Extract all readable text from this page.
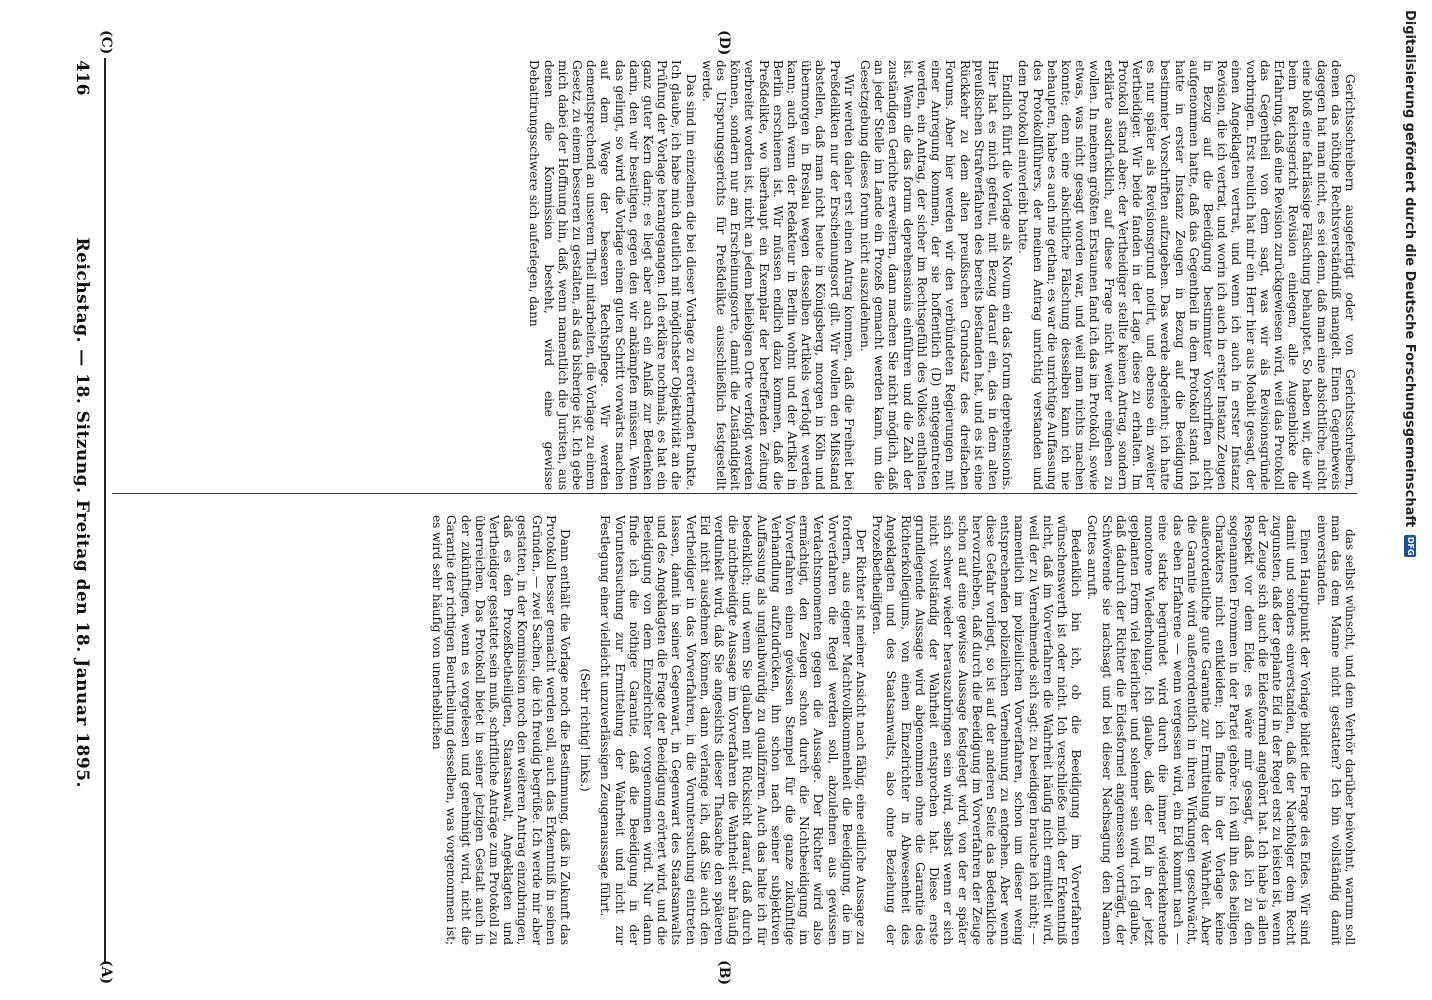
416
Reichstag. — 18. Sitzung. Freitag den 18. Januar 1895.
(A)	(B)
(C)	(D)

das selbst wünscht, und dem Verhör darüber beiwohnt, warum soll man das dem Manne nicht gestatten? Ich bin vollständig damit einverstanden.

Einen Hauptpunkt der Vorlage bildet die Frage des Eides. Wir sind damit und sonders einverstanden, daß der Nachfolger dem Recht zugunsten, daß der geplante Eid in der Regel erst zu leisten ist, wenn der Zeuge sich auch die Eidesformel angehört hat. Ich habe ja allen Respekt vor dem Eide; es wäre mir gesagt, daß ich zu den sogenannten Frommen in der Partei gehöre. Ich will ihn des heiligen Charakters nicht entkleiden; ich finde in der Vorlage keine außerordentliche gute Garantie zur Ermittelung der Wahrheit. Aber die Garantie wird außerordentlich in ihren Wirkungen geschwächt, das eben Erfahrene — wenn vergessen wird, ein Eid kommt nach — eine starke begründet wird durch die immer wiederkehrende monotone Wiederholung. Ich glaube, daß der Eid in der jetzt geplanten Form viel feierlicher und solenner sein wird. Ich glaube, daß dadurch der Richter die Eidesformel angemessen vorträgt, der Schwörende sie nachsagt und bei dieser Nachsagung den Namen Gottes anruft.

Bedenklich bin ich, ob die Beeidigung im Vorverfahren wünschenswerth ist oder nicht. Ich verschließe mich der Erkenntniß nicht, daß im Vorverfahren die Wahrheit häufig nicht ermittelt wird, weil der zu Vernehmende sich sagt: zu beeidigen brauche ich nicht; — namentlich im polizeilichen Vorverfahren, schon um dieser wenig entsprechenden polizeilichen Vernehmung zu entgehen. Aber wenn diese Gefahr vorliegt, so ist auf der anderen Seite das Bedenkliche hervorzuheben, daß durch die Beeidigung im Vorverfahren der Zeuge schon auf eine gewisse Aussage festgelegt wird, von der er später sich schwer wieder herauszubringen sein wird, selbst wenn er sich nicht vollständig der Wahrheit entsprochen hat. Diese erste grundlegende Aussage wird abgenommen ohne die Garantie des Richterkollegiums, von einem Einzelrichter in Abwesenheit des Angeklagten und des Staatsanwalts, also ohne Beziehung der Prozeßbetheiligten.

Der Richter ist meiner Ansicht nach fähig, eine eidliche Aussage zu fordern, aus eigener Machtvollkommenheit die Beeidigung, die im Vorverfahren die Regel werden soll, abzulehnen aus gewissen Verdachtsmomenten gegen die Aussage. Der Richter wird also ermächtigt, den Zeugen schon durch die Nichtbeeidigung im Vorverfahren einen gewissen Stempel für die ganze zukünftige Verhandlung aufzudrücken, ihn schon nach seiner subjektiven Auffassung als unglaubwürdig zu qualifiziren. Auch das halte ich für bedenklich; und wenn Sie glauben mit Rücksicht darauf, daß durch die nichtbeeidigte Aussage im Vorverfahren die Wahrheit sehr häufig verdunkelt wird, daß Sie angesichts dieser Thatsache den späteren Eid nicht ausdehnen können, dann verlange ich, daß Sie auch den Vertheidiger in das Vorverfahren, in die Voruntersuchung eintreten lassen, damit in seiner Gegenwart, in Gegenwart des Staatsanwalts und des Angeklagten die Frage der Beeidigung erörtert wird, und die Beeidigung von dem Einzelrichter vorgenommen wird. Nur dann finde ich die nöthige Garantie, daß die Beeidigung in der Voruntersuchung zur Ermittelung der Wahrheit und nicht zur Festlegung einer vielleicht unzuverlässigen Zeugenaussage führt.

(Sehr richtig! links.)

Dann enthält die Vorlage noch die Bestimmung, daß in Zukunft das Protokoll besser gemacht werden soll, auch das Erkenntniß in seinen Gründen, — zwei Sachen, die ich freudig begrüße. Ich werde mir aber gestatten, in der Kommission noch den weiteren Antrag einzubringen, daß es den Prozeßbetheiligten, Staatsanwalt, Angeklagten und Vertheidiger gestattet sein muß, schriftliche Anträge zum Protokoll zu überreichen. Das Protokoll bietet in seiner jetzigen Gestalt auch in der zukünftigen, wenn es vorgelesen und genehmigt wird, nicht die Garantie der richtigen Beurtheilung desselben, was vorgenommen ist; es wird sehr häufig von unerheblichen

Gerichtsschreibern ausgefertigt oder von Gerichtsschreibern, denen das nöthige Rechtsverständniß mangelt. Einen Gegenbeweis dagegen hat man nicht, es sei denn, daß man eine absichtliche, nicht eine bloß eine fahrlässige Fälschung behauptet. So haben wir, die wir beim Reichsgericht Revision einlegen, alle Augenblicke die Erfahrung, daß eine Revision zurückgewiesen wird, weil das Protokoll das Gegentheil von dem sagt, was wir als Revisionsgründe vorbringen. Erst neulich hat mir ein Herr hier aus Moabit gesagt, der einen Angeklagten vertrat, und wenn ich auch in erster Instanz Revision, die ich vertrat, und worin ich auch in erster Instanz Zeugen in Bezug auf die Beeidigung bestimmter Vorschriften nicht aufgenommen hatte, daß das Gegentheil in dem Protokoll stand. Ich hatte in erster Instanz Zeugen in Bezug auf die Beeidigung bestimmter Vorschriften aufzugeben. Das werde abgelehnt; ich hatte es nur später als Revisionsgrund notirt, und ebenso ein zweiter Vertheidiger. Wir beide fanden in der Lage, diese zu erhalten. Im Protokoll stand aber: der Vertheidiger stellte keinen Antrag, sondern erklärte ausdrücklich, auf diese Frage nicht weiter eingehen zu wollen. In meinem größten Erstaunen fand ich das im Protokoll, sowie etwas, was nicht gesagt worden war, und weil man nichts machen konnte; denn eine absichtliche Fälschung desselben kann ich nie behaupten, habe es auch nie gethan; es war die unrichtige Auffassung des Protokollführers, der meinen Antrag unrichtig verstanden und dem Protokoll einverleibt hatte.

Endlich führt die Vorlage als Novum ein das forum deprehensionis. Hier hat es mich gefreut, mit Bezug darauf ein, das in dem alten preußischen Strafverfahren des bereits bestanden hat, und es ist eine Rückkehr zu dem alten preußischen Grundsatz des dreifachen Forums. Aber hier werden wir den verbündeten Regierungen mit einer Anregung kommen, der sie hoffentlich (D) entgegentreten werden, ein Antrag, der sicher im Rechtsgefühl des Volkes enthalten ist. Wenn die das forum deprehensionis einführen und die Zahl der zuständigen Gerichte erweitern, dann machen Sie nicht möglich, daß an jeder Stelle im Lande ein Prozeß gemacht werden kann, um die Gesetzgebung dieses forum nicht auszudehnen.

Wir werden daher erst einen Antrag kommen, daß die Freiheit bei Preßdelikten nur der Erscheinungsort gilt. Wir wollen den Mißstand abstellen, daß man nicht heute in Königsberg, morgen in Köln und übermorgen in Breslau wegen desselben Artikels verfolgt werden kann; auch wenn der Redakteur in Berlin wohnt und der Artikel in Berlin erschienen ist. Wir müssen endlich dazu kommen, daß die Preßdelikte, wo überhaupt ein Exemplar der betreffenden Zeitung verbreitet worden ist, nicht an jedem beliebigen Orte verfolgt werden können, sondern nur am Erscheinungsorte, damit die Zuständigkeit des Ursprungsgerichts für Preßdelikte ausschließlich festgestellt werde.

Das sind im einzelnen die bei dieser Vorlage zu erörternden Punkte. Ich glaube, ich habe mich deutlich mit möglichster Objektivität an die Prüfung der Vorlage herangegangen. Ich erkläre nochmals, es hat ein ganz guter Kern darin; es liegt aber auch ein Anlaß zur Bedenken darin, den wir beseitigen, gegen den wir ankämpfen müssen. Wenn das gelingt, so wird die Vorlage einen guten Schritt vorwärts machen auf dem Wege der besseren Rechtspflege. Wir werden dementsprechend an unserem Theil mitarbeiten, die Vorlage zu einem Gesetz, zu einem besseren zu gestalten, als das bisherige ist. Ich gebe mich dabei der Hoffnung hin, daß, wenn namentlich die Juristen, aus denen die Kommission besteht, wird eine gewisse Debattirungsschwere sich auferlegen, dann	Digitalisierung gefördert durch die Deutsche Forschungsgemeinschaft
DFG
